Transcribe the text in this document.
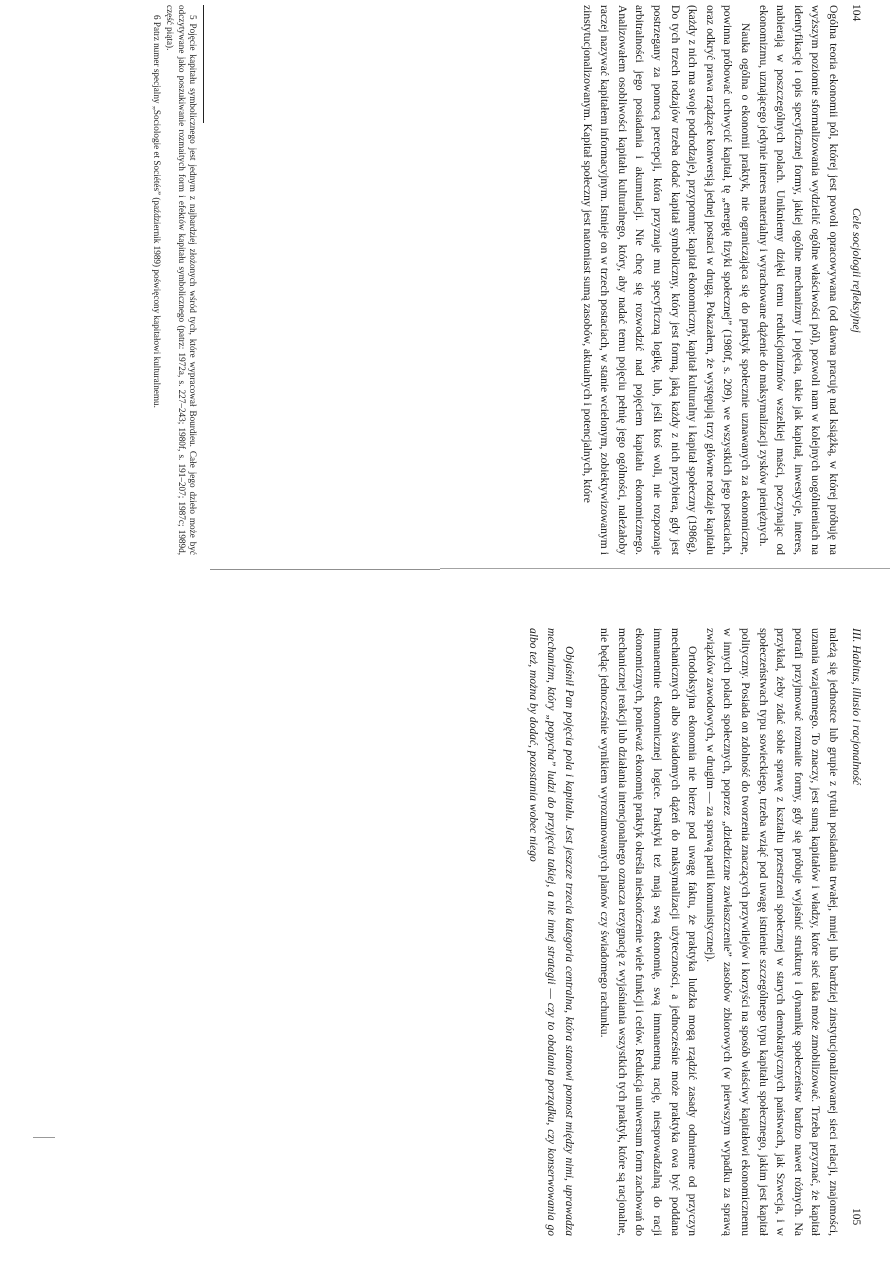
104
Cele socjologii refleksyjnej

Ogólna teoria ekonomii pól, której jest powoli opracowywana (od dawna pracuję nad książką, w której próbuję na wyższym poziomie sformalizowania wydzielić ogólne właściwości pól), pozwoli nam w kolejnych uogólnieniach na identyfikację i opis specyficznej formy, jakiej ogólne mechanizmy i pojęcia, takie jak kapitał, inwestycje, interes, nabierają w poszczególnych polach. Unikniemy dzięki temu redukcjonizmów wszelkiej maści, poczynając od ekonomizmu, uznającego jedynie interes materialny i wyrachowane dążenie do maksymalizacji zysków pieniężnych.

Nauka ogólna o ekonomii praktyk, nie ograniczająca się do praktyk społecznie uznawanych za ekonomiczne, powinna próbować uchwycić kapitał, tę „energię fizyki społecznej” (1980f, s. 209), we wszystkich jego postaciach, oraz odkryć prawa rządzące konwersją jednej postaci w drugą. Pokazałem, że występują trzy główne rodzaje kapitału (każdy z nich ma swoje podrodzaje), przypomnę: kapitał ekonomiczny, kapitał kulturalny i kapitał społeczny (1986g). Do tych trzech rodzajów trzeba dodać kapitał symboliczny, który jest formą, jaką każdy z nich przybiera, gdy jest postrzegany za pomocą percepcji, która przyznaje mu specyficzną logikę, lub, jeśli ktoś woli, nie rozpoznaje arbitralności jego posiadania i akumulacji. Nie chcę się rozwodzić nad pojęciem kapitału ekonomicznego. Analizowałem osobliwości kapitału kulturalnego, który, aby nadać temu pojęciu pełnię jego ogólności, należałoby raczej nazywać kapitałem informacyjnym. Istnieje on w trzech postaciach, w stanie wcielonym, zobiektywizowanym i zinstytucjonalizowanym. Kapitał społeczny jest natomiast sumą zasobów, aktualnych i potencjalnych, które

5 Pojęcie kapitału symbolicznego jest jednym z najbardziej złożonych wśród tych, które wypracował Bourdieu. Całe jego dzieło może być odczytywane jako poszukiwanie rozmaitych form i efektów kapitału symbolicznego (patrz: 1972a, s. 227–243; 1980f, s. 191–207; 1987c; 1989d, część piąta).

6 Patrz numer specjalny „Sociologie et Sociétés” (październik 1989) poświęcony kapitałowi kulturalnemu.

III. Habitus, illusio i racjonalność
105

należą się jednostce lub grupie z tytułu posiadania trwałej, mniej lub bardziej zinstytucjonalizowanej sieci relacji, znajomości, uznania wzajemnego. To znaczy, jest sumą kapitałów i władzy, które sieć taka może zmobilizować. Trzeba przyznać, że kapitał potrafi przyjmować rozmaite formy, gdy się próbuje wyjaśnić strukturę i dynamikę społeczeństw bardzo nawet różnych. Na przykład, żeby zdać sobie sprawę z kształtu przestrzeni społecznej w starych demokratycznych państwach, jak Szwecja, i w społeczeństwach typu sowieckiego, trzeba wziąć pod uwagę istnienie szczególnego typu kapitału społecznego, jakim jest kapitał polityczny. Posiada on zdolność do tworzenia znaczących przywilejów i korzyści na sposób właściwy kapitałowi ekonomicznemu w innych polach społecznych, poprzez „dziedziczne zawłaszczenie” zasobów zbiorowych (w pierwszym wypadku za sprawą związków zawodowych, w drugim — za sprawą partii komunistycznej).

Ortodoksyjna ekonomia nie bierze pod uwagę faktu, że praktyka ludzka mogą rządzić zasady odmienne od przyczyn mechanicznych albo świadomych dążeń do maksymalizacji użyteczności, a jednocześnie może praktyka owa być poddana immanentnie ekonomicznej logice. Praktyki też mają swą ekonomię, swą immanentną rację, niesprowadzalną do racji ekonomicznych, ponieważ ekonomię praktyk określa nieskończenie wiele funkcji i celów. Redukcja uniwersum form zachowań do mechanicznej reakcji lub działania intencjonalnego oznacza rezygnację z wyjaśniania wszystkich tych praktyk, które są racjonalne, nie będąc jednocześnie wynikiem wyrozumowanych planów czy świadomego rachunku.

Objaśnił Pan pojęcia pola i kapitału. Jest jeszcze trzecia kategoria centralna, która stanowi pomost między nimi, uprawadza mechanizm, który „popycha” ludzi do przyjęcia takiej, a nie innej strategii — czy to obalania porządku, czy konserwowania go albo też, można by dodać, pozostania wobec niego
